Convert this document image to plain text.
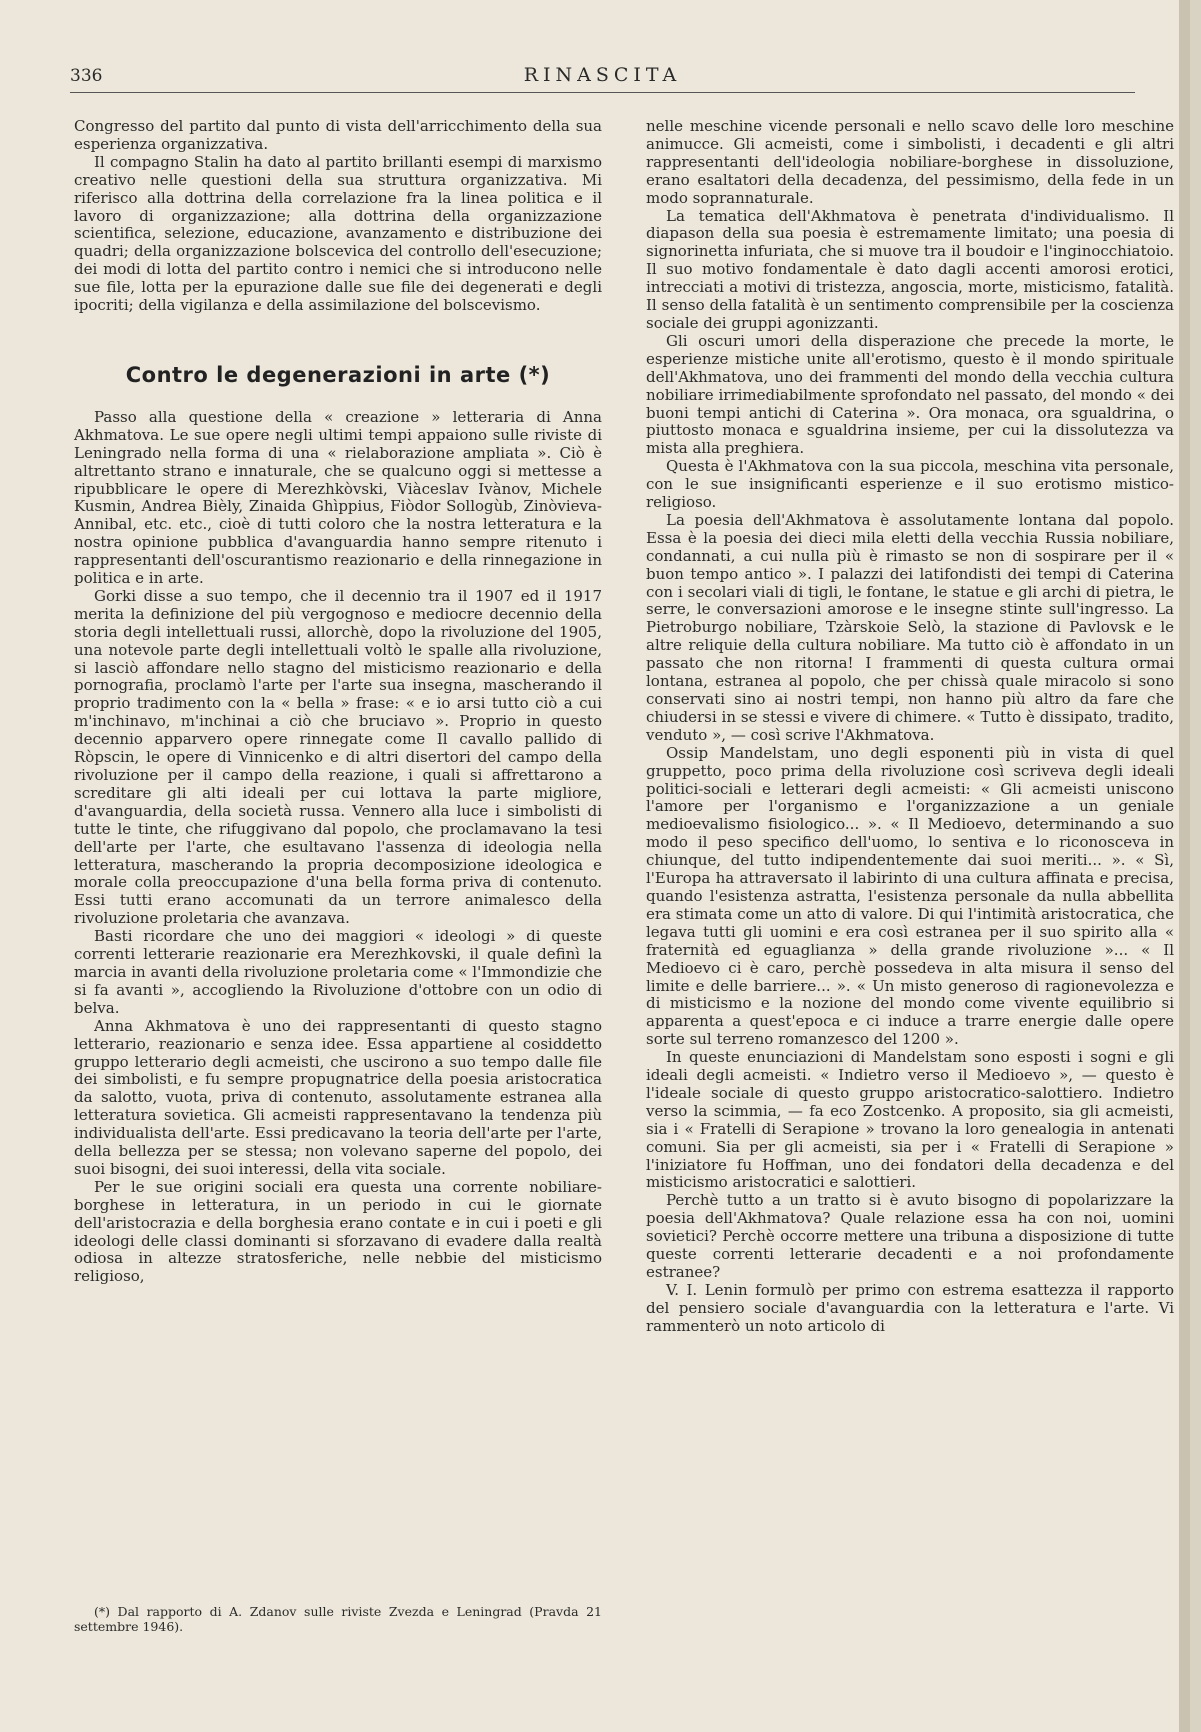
336	RINASCITA

Congresso del partito dal punto di vista dell'arricchimento della sua esperienza organizzativa.

Il compagno Stalin ha dato al partito brillanti esempi di marxismo creativo nelle questioni della sua struttura organizzativa. Mi riferisco alla dottrina della correlazione fra la linea politica e il lavoro di organizzazione; alla dottrina della organizzazione scientifica, selezione, educazione, avanzamento e distribuzione dei quadri; della organizzazione bolscevica del controllo dell'esecuzione; dei modi di lotta del partito contro i nemici che si introducono nelle sue file, lotta per la epurazione dalle sue file dei degenerati e degli ipocriti; della vigilanza e della assimilazione del bolscevismo.

Contro le degenerazioni in arte (*)

Passo alla questione della « creazione » letteraria di Anna Akhmatova. Le sue opere negli ultimi tempi appaiono sulle riviste di Leningrado nella forma di una « rielaborazione ampliata ». Ciò è altrettanto strano e innaturale, che se qualcuno oggi si mettesse a ripubblicare le opere di Merezhkòvski, Viàceslav Ivànov, Michele Kusmin, Andrea Bièly, Zinaida Ghìppius, Fiòdor Sollogùb, Zinòvieva-Annibal, etc. etc., cioè di tutti coloro che la nostra letteratura e la nostra opinione pubblica d'avanguardia hanno sempre ritenuto i rappresentanti dell'oscurantismo reazionario e della rinnegazione in politica e in arte.

Gorki disse a suo tempo, che il decennio tra il 1907 ed il 1917 merita la definizione del più vergognoso e mediocre decennio della storia degli intellettuali russi, allorchè, dopo la rivoluzione del 1905, una notevole parte degli intellettuali voltò le spalle alla rivoluzione, si lasciò affondare nello stagno del misticismo reazionario e della pornografia, proclamò l'arte per l'arte sua insegna, mascherando il proprio tradimento con la « bella » frase: « e io arsi tutto ciò a cui m'inchinavo, m'inchinai a ciò che bruciavo ». Proprio in questo decennio apparvero opere rinnegate come Il cavallo pallido di Ròpscin, le opere di Vinnicenko e di altri disertori del campo della rivoluzione per il campo della reazione, i quali si affrettarono a screditare gli alti ideali per cui lottava la parte migliore, d'avanguardia, della società russa. Vennero alla luce i simbolisti di tutte le tinte, che rifuggivano dal popolo, che proclamavano la tesi dell'arte per l'arte, che esultavano l'assenza di ideologia nella letteratura, mascherando la propria decomposizione ideologica e morale colla preoccupazione d'una bella forma priva di contenuto. Essi tutti erano accomunati da un terrore animalesco della rivoluzione proletaria che avanzava.

Basti ricordare che uno dei maggiori « ideologi » di queste correnti letterarie reazionarie era Merezhkovski, il quale definì la marcia in avanti della rivoluzione proletaria come « l'Immondizie che si fa avanti », accogliendo la Rivoluzione d'ottobre con un odio di belva.

Anna Akhmatova è uno dei rappresentanti di questo stagno letterario, reazionario e senza idee. Essa appartiene al cosiddetto gruppo letterario degli acmeisti, che uscirono a suo tempo dalle file dei simbolisti, e fu sempre propugnatrice della poesia aristocratica da salotto, vuota, priva di contenuto, assolutamente estranea alla letteratura sovietica. Gli acmeisti rappresentavano la tendenza più individualista dell'arte. Essi predicavano la teoria dell'arte per l'arte, della bellezza per se stessa; non volevano saperne del popolo, dei suoi bisogni, dei suoi interessi, della vita sociale.

Per le sue origini sociali era questa una corrente nobiliare-borghese in letteratura, in un periodo in cui le giornate dell'aristocrazia e della borghesia erano contate e in cui i poeti e gli ideologi delle classi dominanti si sforzavano di evadere dalla realtà odiosa in altezze stratosferiche, nelle nebbie del misticismo religioso,

nelle meschine vicende personali e nello scavo delle loro meschine animucce. Gli acmeisti, come i simbolisti, i decadenti e gli altri rappresentanti dell'ideologia nobiliare-borghese in dissoluzione, erano esaltatori della decadenza, del pessimismo, della fede in un modo soprannaturale.

La tematica dell'Akhmatova è penetrata d'individualismo. Il diapason della sua poesia è estremamente limitato; una poesia di signorinetta infuriata, che si muove tra il boudoir e l'inginocchiatoio. Il suo motivo fondamentale è dato dagli accenti amorosi erotici, intrecciati a motivi di tristezza, angoscia, morte, misticismo, fatalità. Il senso della fatalità è un sentimento comprensibile per la coscienza sociale dei gruppi agonizzanti.

Gli oscuri umori della disperazione che precede la morte, le esperienze mistiche unite all'erotismo, questo è il mondo spirituale dell'Akhmatova, uno dei frammenti del mondo della vecchia cultura nobiliare irrimediabilmente sprofondato nel passato, del mondo « dei buoni tempi antichi di Caterina ». Ora monaca, ora sgualdrina, o piuttosto monaca e sgualdrina insieme, per cui la dissolutezza va mista alla preghiera.

Questa è l'Akhmatova con la sua piccola, meschina vita personale, con le sue insignificanti esperienze e il suo erotismo mistico-religioso.

La poesia dell'Akhmatova è assolutamente lontana dal popolo. Essa è la poesia dei dieci mila eletti della vecchia Russia nobiliare, condannati, a cui nulla più è rimasto se non di sospirare per il « buon tempo antico ». I palazzi dei latifondisti dei tempi di Caterina con i secolari viali di tigli, le fontane, le statue e gli archi di pietra, le serre, le conversazioni amorose e le insegne stinte sull'ingresso. La Pietroburgo nobiliare, Tzàrskoie Selò, la stazione di Pavlovsk e le altre reliquie della cultura nobiliare. Ma tutto ciò è affondato in un passato che non ritorna! I frammenti di questa cultura ormai lontana, estranea al popolo, che per chissà quale miracolo si sono conservati sino ai nostri tempi, non hanno più altro da fare che chiudersi in se stessi e vivere di chimere. « Tutto è dissipato, tradito, venduto », — così scrive l'Akhmatova.

Ossip Mandelstam, uno degli esponenti più in vista di quel gruppetto, poco prima della rivoluzione così scriveva degli ideali politici-sociali e letterari degli acmeisti: « Gli acmeisti uniscono l'amore per l'organismo e l'organizzazione a un geniale medioevalismo fisiologico... ». « Il Medioevo, determinando a suo modo il peso specifico dell'uomo, lo sentiva e lo riconosceva in chiunque, del tutto indipendentemente dai suoi meriti... ». « Sì, l'Europa ha attraversato il labirinto di una cultura affinata e precisa, quando l'esistenza astratta, l'esistenza personale da nulla abbellita era stimata come un atto di valore. Di qui l'intimità aristocratica, che legava tutti gli uomini e era così estranea per il suo spirito alla « fraternità ed eguaglianza » della grande rivoluzione »... « Il Medioevo ci è caro, perchè possedeva in alta misura il senso del limite e delle barriere... ». « Un misto generoso di ragionevolezza e di misticismo e la nozione del mondo come vivente equilibrio si apparenta a quest'epoca e ci induce a trarre energie dalle opere sorte sul terreno romanzesco del 1200 ».

In queste enunciazioni di Mandelstam sono esposti i sogni e gli ideali degli acmeisti. « Indietro verso il Medioevo », — questo è l'ideale sociale di questo gruppo aristocratico-salottiero. Indietro verso la scimmia, — fa eco Zostcenko. A proposito, sia gli acmeisti, sia i « Fratelli di Serapione » trovano la loro genealogia in antenati comuni. Sia per gli acmeisti, sia per i « Fratelli di Serapione » l'iniziatore fu Hoffman, uno dei fondatori della decadenza e del misticismo aristocratici e salottieri.

Perchè tutto a un tratto si è avuto bisogno di popolarizzare la poesia dell'Akhmatova? Quale relazione essa ha con noi, uomini sovietici? Perchè occorre mettere una tribuna a disposizione di tutte queste correnti letterarie decadenti e a noi profondamente estranee?

V. I. Lenin formulò per primo con estrema esattezza il rapporto del pensiero sociale d'avanguardia con la letteratura e l'arte. Vi rammenterò un noto articolo di

(*) Dal rapporto di A. Zdanov sulle riviste Zvezda e Leningrad (Pravda 21 settembre 1946).
